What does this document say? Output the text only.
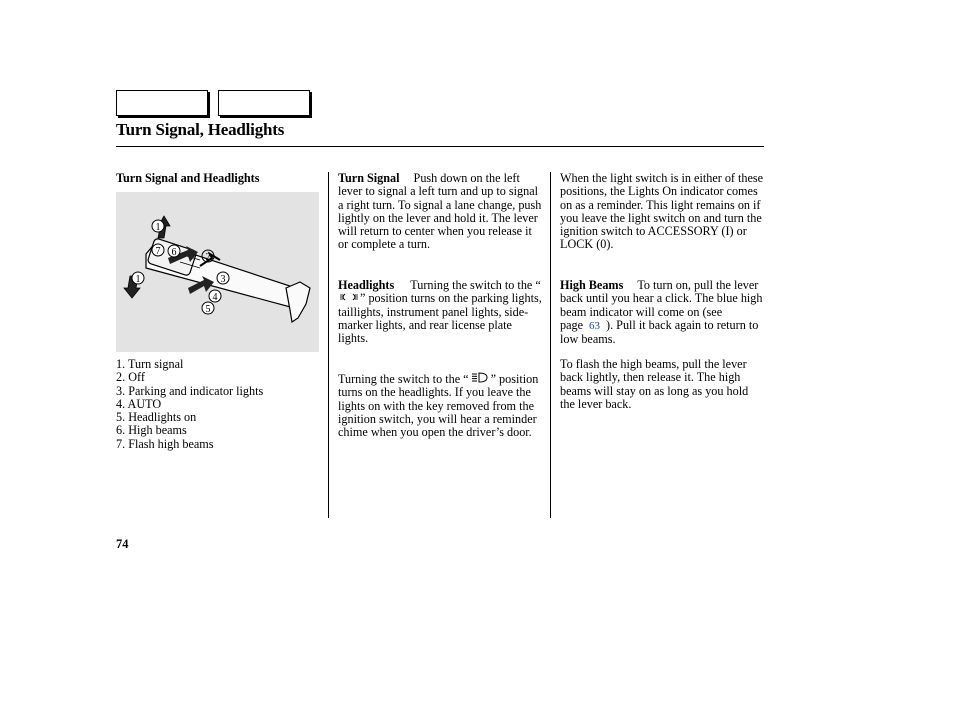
Turn Signal, Headlights
Turn Signal and Headlights
1
1
2
3
4
5
6
7
1. Turn signal
2. Off
3. Parking and indicator lights
4. AUTO
5. Headlights on
6. High beams
7. Flash high beams
Turn Signal Push down on the left lever to signal a left turn and up to signal a right turn. To signal a lane change, push lightly on the lever and hold it. The lever will return to center when you release it or complete a turn.
Headlights Turning the switch to the “” position turns on the parking lights, taillights, instrument panel lights, side-marker lights, and rear license plate lights.
Turning the switch to the “ ” position turns on the headlights. If you leave the lights on with the key removed from the ignition switch, you will hear a reminder chime when you open the driver’s door.
When the light switch is in either of these positions, the Lights On indicator comes on as a reminder. This light remains on if you leave the light switch on and turn the ignition switch to ACCESSORY (I) or LOCK (0).
High Beams To turn on, pull the lever back until you hear a click. The blue high beam indicator will come on (see page 63 ). Pull it back again to return to low beams.
To flash the high beams, pull the lever back lightly, then release it. The high beams will stay on as long as you hold the lever back.
74
